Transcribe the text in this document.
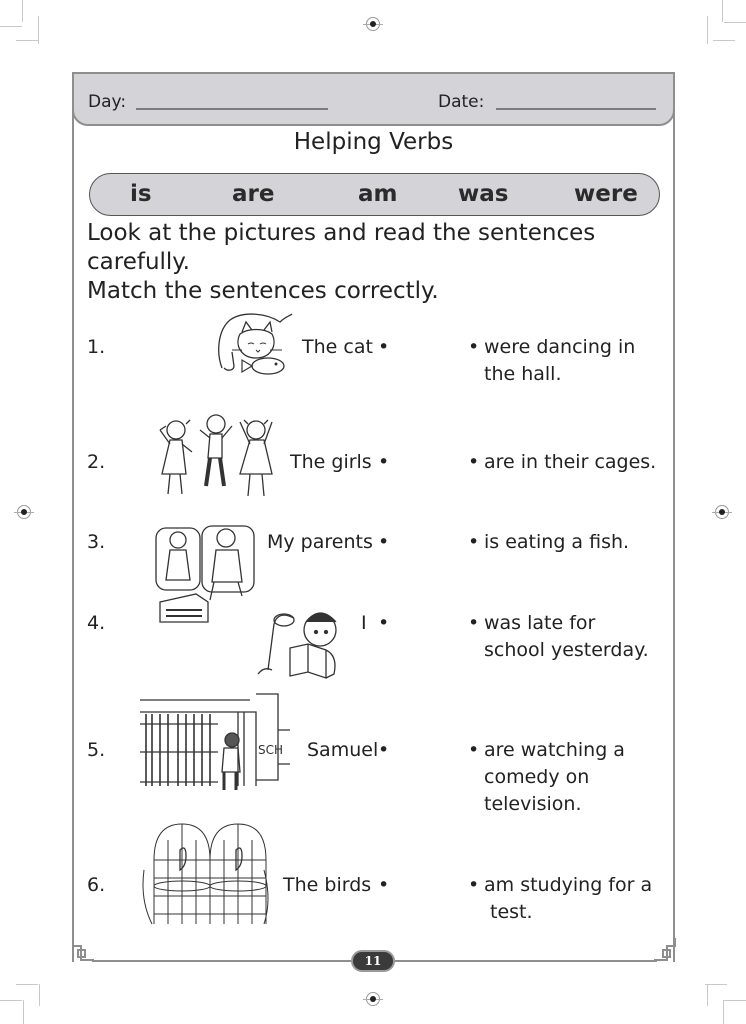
Day:	Date:
Helping Verbs
is	are	am	was	were
Look at the pictures and read the sentences
carefully.
Match the sentences correctly.
1.	The cat •	• were dancing in
the hall.
2.	The girls •	• are in their cages.
3.	My parents •	• is eating a fish.
4.	I •	• was late for
school yesterday.
5.	SCH Samuel •	• are watching a
comedy on
television.
6.	The birds •	• am studying for a
test.
11
